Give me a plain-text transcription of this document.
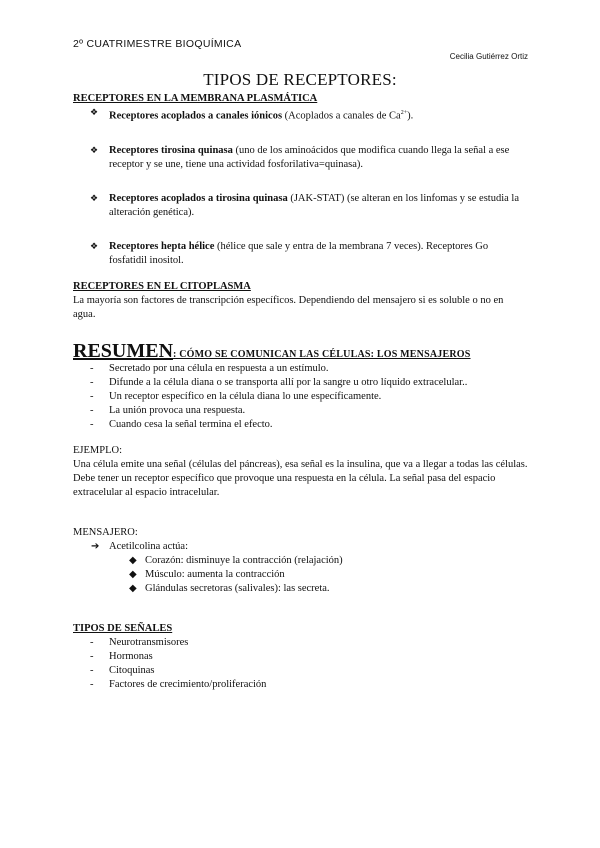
2º CUATRIMESTRE BIOQUÍMICA
Cecilia Gutiérrez Ortiz
TIPOS DE RECEPTORES:
RECEPTORES EN LA MEMBRANA PLASMÁTICA
❖ Receptores acoplados a canales iónicos (Acoplados a canales de $Ca^{2+}$).
❖ Receptores tirosina quinasa (uno de los aminoácidos que modifica cuando llega la señal a ese receptor y se une, tiene una actividad fosforilativa=quinasa).
❖ Receptores acoplados a tirosina quinasa (JAK-STAT) (se alteran en los linfomas y se estudia la alteración genética).
❖ Receptores hepta hélice (hélice que sale y entra de la membrana 7 veces). Receptores Go fosfatidil inositol.
RECEPTORES EN EL CITOPLASMA
La mayoría son factores de transcripción específicos. Dependiendo del mensajero si es soluble o no en agua.
RESUMEN: CÓMO SE COMUNICAN LAS CÉLULAS: LOS MENSAJEROS
- Secretado por una célula en respuesta a un estímulo.
- Difunde a la célula diana o se transporta allí por la sangre u otro líquido extracelular..
- Un receptor específico en la célula diana lo une específicamente.
- La unión provoca una respuesta.
- Cuando cesa la señal termina el efecto.
EJEMPLO:
Una célula emite una señal (células del páncreas), esa señal es la insulina, que va a llegar a todas las células. Debe tener un receptor específico que provoque una respuesta en la célula. La señal pasa del espacio extracelular al espacio intracelular.
MENSAJERO:
➔ Acetilcolina actúa:
◆ Corazón: disminuye la contracción (relajación)
◆ Músculo: aumenta la contracción
◆ Glándulas secretoras (salivales): las secreta.
TIPOS DE SEÑALES
- Neurotransmisores
- Hormonas
- Citoquinas
- Factores de crecimiento/proliferación
